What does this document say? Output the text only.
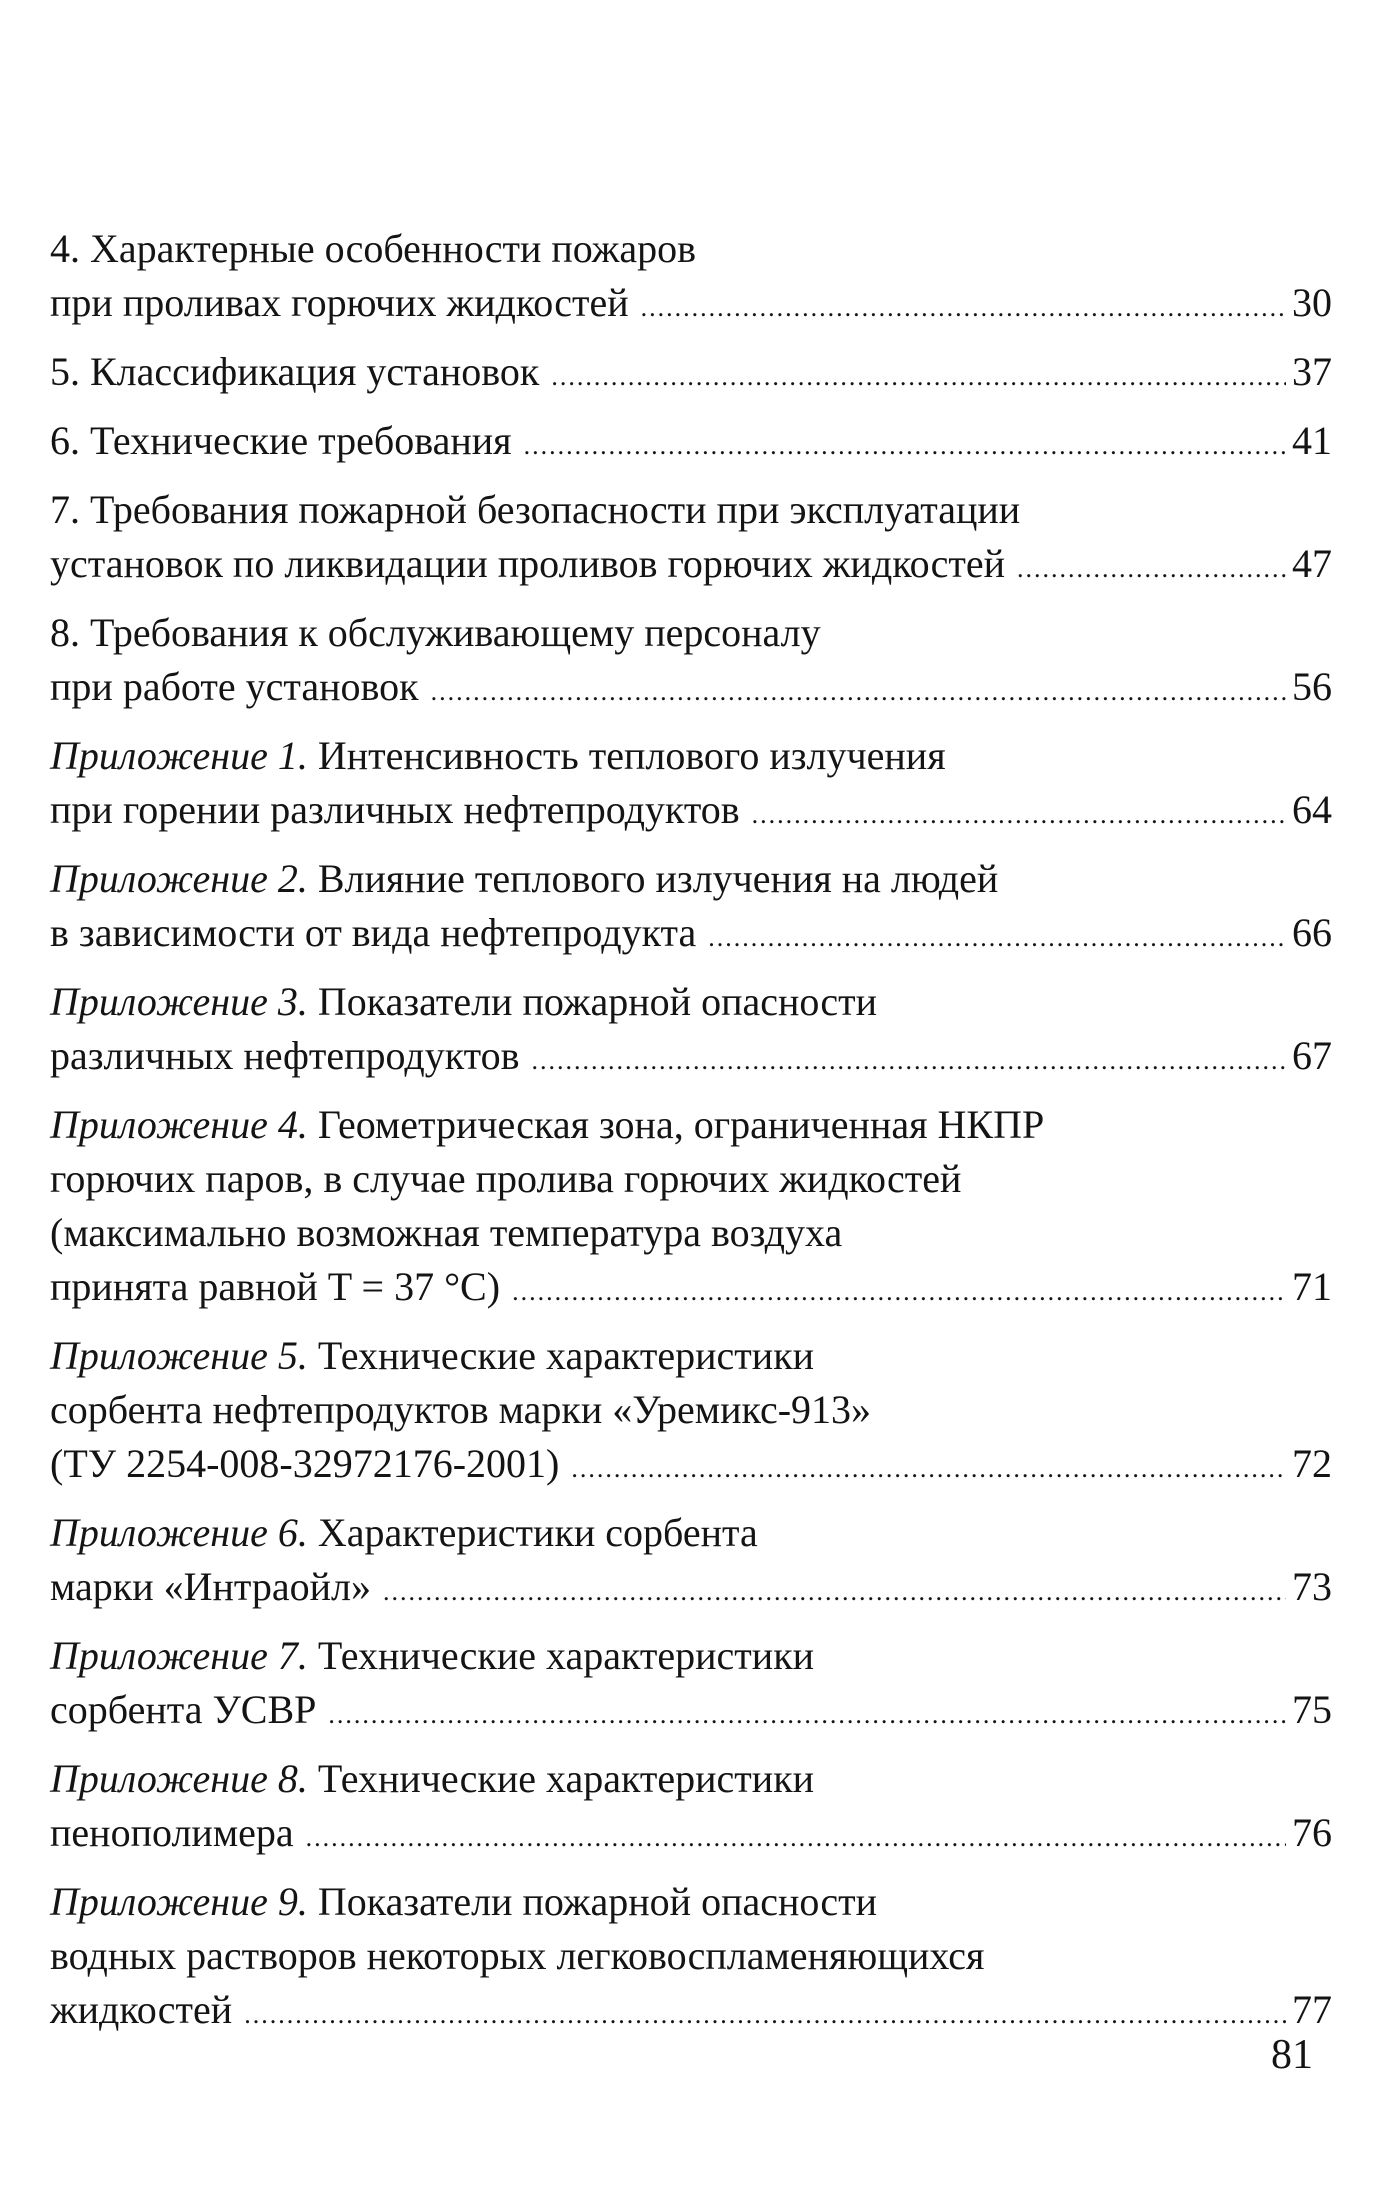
4. Характерные особенности пожаров
при проливах горючих жидкостей .....	30
5. Классификация установок .....	37
6. Технические требования .....	41
7. Требования пожарной безопасности при эксплуатации
установок по ликвидации проливов горючих жидкостей .....	47
8. Требования к обслуживающему персоналу
при работе установок .....	56
Приложение 1. Интенсивность теплового излучения
при горении различных нефтепродуктов .....	64
Приложение 2. Влияние теплового излучения на людей
в зависимости от вида нефтепродукта .....	66
Приложение 3. Показатели пожарной опасности
различных нефтепродуктов .....	67
Приложение 4. Геометрическая зона, ограниченная НКПР
горючих паров, в случае пролива горючих жидкостей
(максимально возможная температура воздуха
принята равной T = 37 °С) .....	71
Приложение 5. Технические характеристики
сорбента нефтепродуктов марки «Уремикс-913»
(ТУ 2254-008-32972176-2001) .....	72
Приложение 6. Характеристики сорбента
марки «Интраойл» .....	73
Приложение 7. Технические характеристики
сорбента УСВР .....	75
Приложение 8. Технические характеристики
пенополимера .....	76
Приложение 9. Показатели пожарной опасности
водных растворов некоторых легковоспламеняющихся
жидкостей .....	77
81
